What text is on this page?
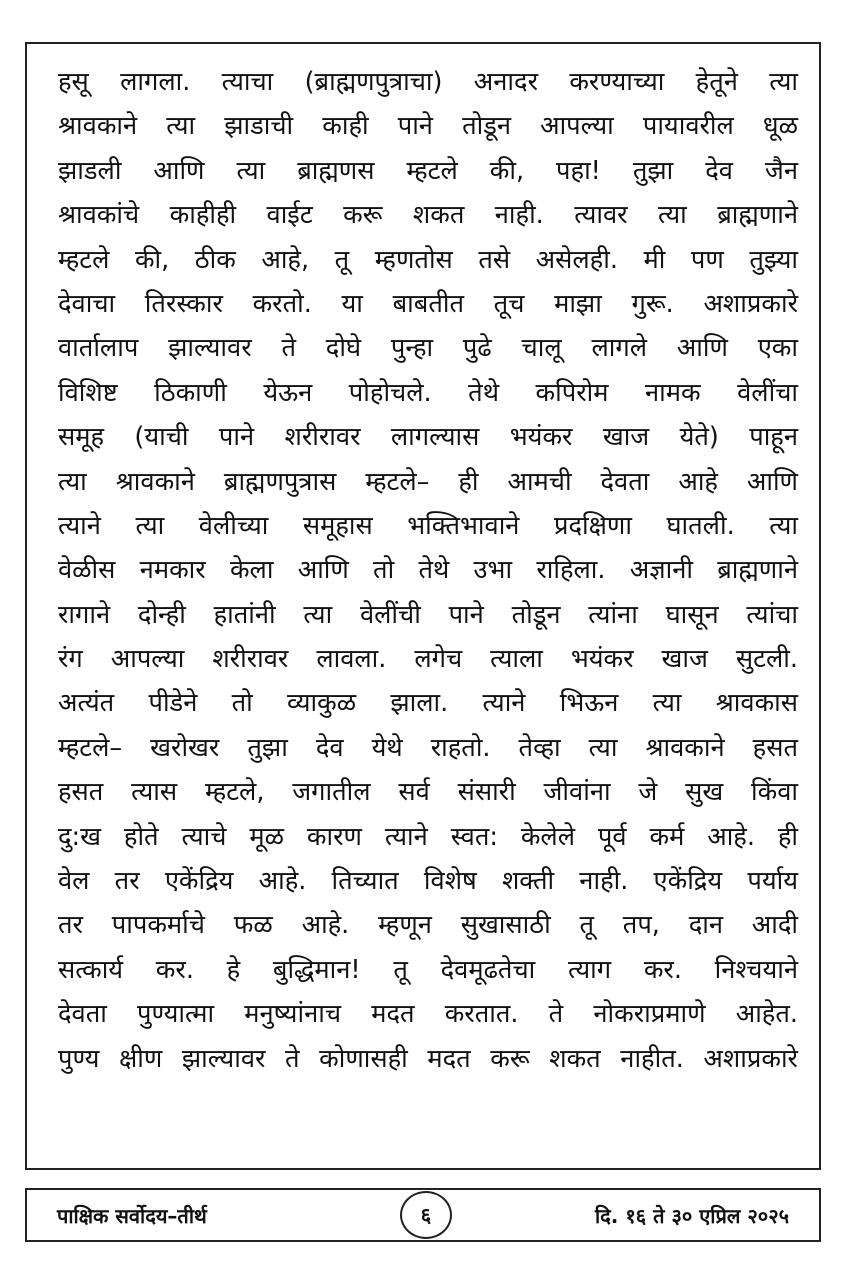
हसू लागला. त्याचा (ब्राह्मणपुत्राचा) अनादर करण्याच्या हेतूने त्या
श्रावकाने त्या झाडाची काही पाने तोडून आपल्या पायावरील धूळ
झाडली आणि त्या ब्राह्मणस म्हटले की, पहा! तुझा देव जैन
श्रावकांचे काहीही वाईट करू शकत नाही. त्यावर त्या ब्राह्मणाने
म्हटले की, ठीक आहे, तू म्हणतोस तसे असेलही. मी पण तुझ्या
देवाचा तिरस्कार करतो. या बाबतीत तूच माझा गुरू. अशाप्रकारे
वार्तालाप झाल्यावर ते दोघे पुन्हा पुढे चालू लागले आणि एका
विशिष्ट ठिकाणी येऊन पोहोचले. तेथे कपिरोम नामक वेलींचा
समूह (याची पाने शरीरावर लागल्यास भयंकर खाज येते) पाहून
त्या श्रावकाने ब्राह्मणपुत्रास म्हटले– ही आमची देवता आहे आणि
त्याने त्या वेलीच्या समूहास भक्तिभावाने प्रदक्षिणा घातली. त्या
वेळीस नमकार केला आणि तो तेथे उभा राहिला. अज्ञानी ब्राह्मणाने
रागाने दोन्ही हातांनी त्या वेलींची पाने तोडून त्यांना घासून त्यांचा
रंग आपल्या शरीरावर लावला. लगेच त्याला भयंकर खाज सुटली.
अत्यंत पीडेने तो व्याकुळ झाला. त्याने भिऊन त्या श्रावकास
म्हटले– खरोखर तुझा देव येथे राहतो. तेव्हा त्या श्रावकाने हसत
हसत त्यास म्हटले, जगातील सर्व संसारी जीवांना जे सुख किंवा
दु:ख होते त्याचे मूळ कारण त्याने स्वत: केलेले पूर्व कर्म आहे. ही
वेल तर एकेंद्रिय आहे. तिच्यात विशेष शक्ती नाही. एकेंद्रिय पर्याय
तर पापकर्माचे फळ आहे. म्हणून सुखासाठी तू तप, दान आदी
सत्कार्य कर. हे बुद्धिमान! तू देवमूढतेचा त्याग कर. निश्चयाने
देवता पुण्यात्मा मनुष्यांनाच मदत करतात. ते नोकराप्रमाणे आहेत.
पुण्य क्षीण झाल्यावर ते कोणासही मदत करू शकत नाहीत. अशाप्रकारे
पाक्षिक सर्वोदय–तीर्थ	दि. १६ ते ३० एप्रिल २०२५
६
